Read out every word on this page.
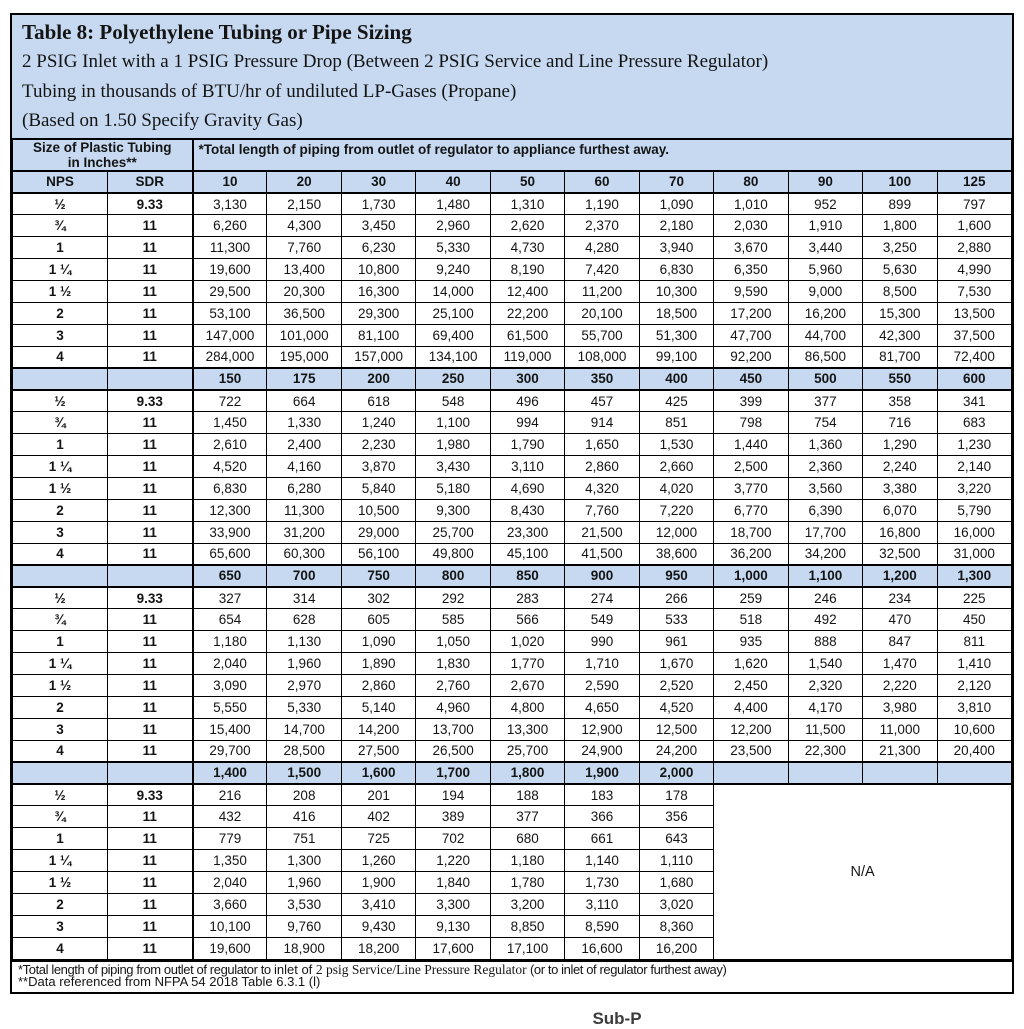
Table 8: Polyethylene Tubing or Pipe Sizing
2 PSIG Inlet with a 1 PSIG Pressure Drop (Between 2 PSIG Service and Line Pressure Regulator)
Tubing in thousands of BTU/hr of undiluted LP-Gases (Propane)
(Based on 1.50 Specify Gravity Gas)
Size of Plastic Tubing
in Inches**		*Total length of piping from outlet of regulator to appliance furthest away.										
NPS	SDR	10	20	30	40	50	60	70	80	90	100	125
½	9.33	3,130	2,150	1,730	1,480	1,310	1,190	1,090	1,010	952	899	797
¾	11	6,260	4,300	3,450	2,960	2,620	2,370	2,180	2,030	1,910	1,800	1,600
1	11	11,300	7,760	6,230	5,330	4,730	4,280	3,940	3,670	3,440	3,250	2,880
1 ¼	11	19,600	13,400	10,800	9,240	8,190	7,420	6,830	6,350	5,960	5,630	4,990
1 ½	11	29,500	20,300	16,300	14,000	12,400	11,200	10,300	9,590	9,000	8,500	7,530
2	11	53,100	36,500	29,300	25,100	22,200	20,100	18,500	17,200	16,200	15,300	13,500
3	11	147,000	101,000	81,100	69,400	61,500	55,700	51,300	47,700	44,700	42,300	37,500
4	11	284,000	195,000	157,000	134,100	119,000	108,000	99,100	92,200	86,500	81,700	72,400
		150	175	200	250	300	350	400	450	500	550	600
½	9.33	722	664	618	548	496	457	425	399	377	358	341
¾	11	1,450	1,330	1,240	1,100	994	914	851	798	754	716	683
1	11	2,610	2,400	2,230	1,980	1,790	1,650	1,530	1,440	1,360	1,290	1,230
1 ¼	11	4,520	4,160	3,870	3,430	3,110	2,860	2,660	2,500	2,360	2,240	2,140
1 ½	11	6,830	6,280	5,840	5,180	4,690	4,320	4,020	3,770	3,560	3,380	3,220
2	11	12,300	11,300	10,500	9,300	8,430	7,760	7,220	6,770	6,390	6,070	5,790
3	11	33,900	31,200	29,000	25,700	23,300	21,500	12,000	18,700	17,700	16,800	16,000
4	11	65,600	60,300	56,100	49,800	45,100	41,500	38,600	36,200	34,200	32,500	31,000
		650	700	750	800	850	900	950	1,000	1,100	1,200	1,300
½	9.33	327	314	302	292	283	274	266	259	246	234	225
¾	11	654	628	605	585	566	549	533	518	492	470	450
1	11	1,180	1,130	1,090	1,050	1,020	990	961	935	888	847	811
1 ¼	11	2,040	1,960	1,890	1,830	1,770	1,710	1,670	1,620	1,540	1,470	1,410
1 ½	11	3,090	2,970	2,860	2,760	2,670	2,590	2,520	2,450	2,320	2,220	2,120
2	11	5,550	5,330	5,140	4,960	4,800	4,650	4,520	4,400	4,170	3,980	3,810
3	11	15,400	14,700	14,200	13,700	13,300	12,900	12,500	12,200	11,500	11,000	10,600
4	11	29,700	28,500	27,500	26,500	25,700	24,900	24,200	23,500	22,300	21,300	20,400
		1,400	1,500	1,600	1,700	1,800	1,900	2,000				
½	9.33	216	208	201	194	188	183	178	N/A			
¾	11	432	416	402	389	377	366	356				
1	11	779	751	725	702	680	661	643				
1 ¼	11	1,350	1,300	1,260	1,220	1,180	1,140	1,110				
1 ½	11	2,040	1,960	1,900	1,840	1,780	1,730	1,680				
2	11	3,660	3,530	3,410	3,300	3,200	3,110	3,020				
3	11	10,100	9,760	9,430	9,130	8,850	8,590	8,360				
4	11	19,600	18,900	18,200	17,600	17,100	16,600	16,200				
*Total length of piping from outlet of regulator to inlet of 2 psig Service/Line Pressure Regulator (or to inlet of regulator furthest away)
**Data referenced from NFPA 54 2018 Table 6.3.1 (l)
Sub-P
